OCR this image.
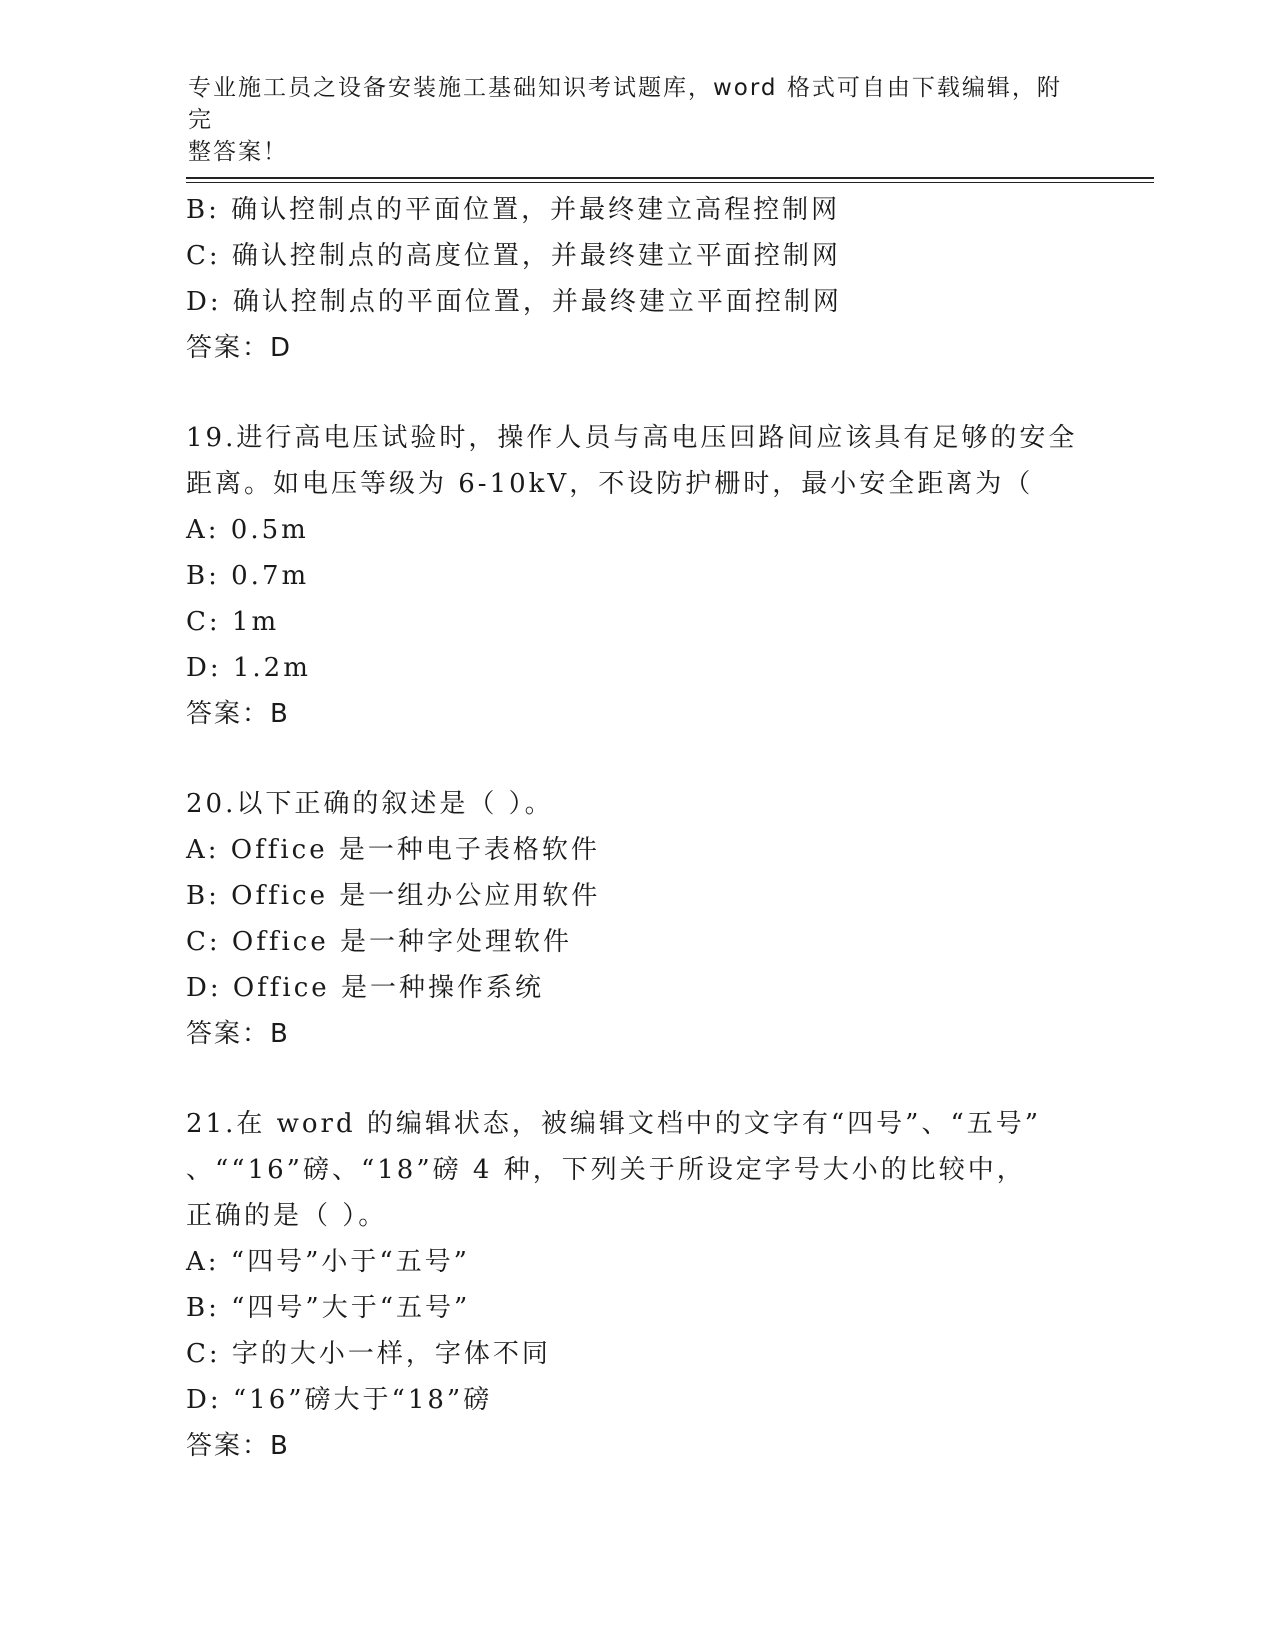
专业施工员之设备安装施工基础知识考试题库，word 格式可自由下载编辑，附完
整答案！
B: 确认控制点的平面位置，并最终建立高程控制网
C: 确认控制点的高度位置，并最终建立平面控制网
D: 确认控制点的平面位置，并最终建立平面控制网
答案：D
19.进行高电压试验时，操作人员与高电压回路间应该具有足够的安全
距离。如电压等级为 6-10kV，不设防护栅时，最小安全距离为（
A: 0.5m
B: 0.7m
C: 1m
D: 1.2m
答案：B
20.以下正确的叙述是（ ）。
A: Office 是一种电子表格软件
B: Office 是一组办公应用软件
C: Office 是一种字处理软件
D: Office 是一种操作系统
答案：B
21.在 word 的编辑状态，被编辑文档中的文字有“四号”、“五号”
、““16”磅、“18”磅 4 种，下列关于所设定字号大小的比较中，
正确的是（ ）。
A: “四号”小于“五号”
B: “四号”大于“五号”
C: 字的大小一样，字体不同
D: “16”磅大于“18”磅
答案：B
